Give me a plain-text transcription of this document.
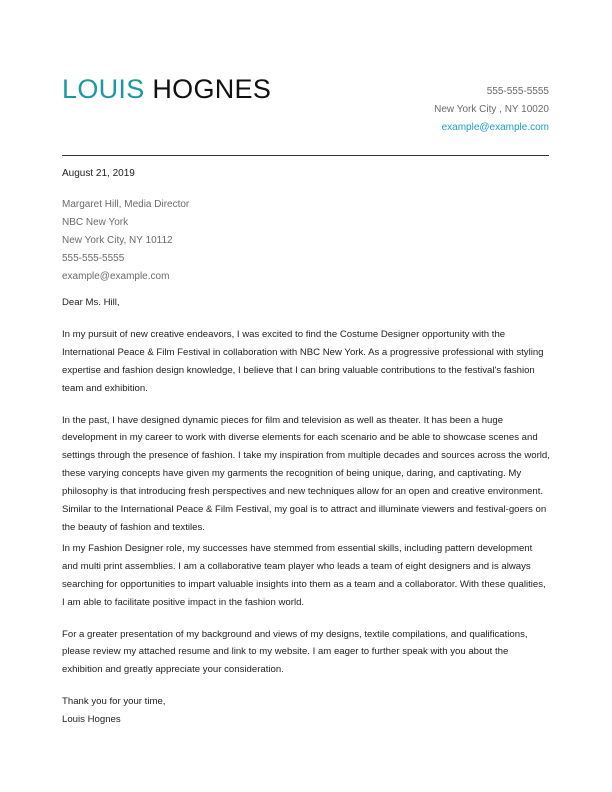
LOUIS HOGNES	555-555-5555
New York City , NY 10020
example@example.com
August 21, 2019
Margaret Hill, Media Director
NBC New York
New York City, NY 10112
555-555-5555
example@example.com

Dear Ms. Hill,

In my pursuit of new creative endeavors, I was excited to find the Costume Designer opportunity with the International Peace & Film Festival in collaboration with NBC New York. As a progressive professional with styling expertise and fashion design knowledge, I believe that I can bring valuable contributions to the festival's fashion team and exhibition.

In the past, I have designed dynamic pieces for film and television as well as theater. It has been a huge development in my career to work with diverse elements for each scenario and be able to showcase scenes and settings through the presence of fashion. I take my inspiration from multiple decades and sources across the world, these varying concepts have given my garments the recognition of being unique, daring, and captivating. My philosophy is that introducing fresh perspectives and new techniques allow for an open and creative environment. Similar to the International Peace & Film Festival, my goal is to attract and illuminate viewers and festival-goers on the beauty of fashion and textiles.

In my Fashion Designer role, my successes have stemmed from essential skills, including pattern development and multi print assemblies. I am a collaborative team player who leads a team of eight designers and is always searching for opportunities to impart valuable insights into them as a team and a collaborator. With these qualities, I am able to facilitate positive impact in the fashion world.

For a greater presentation of my background and views of my designs, textile compilations, and qualifications, please review my attached resume and link to my website. I am eager to further speak with you about the exhibition and greatly appreciate your consideration.

Thank you for your time,
Louis Hognes
